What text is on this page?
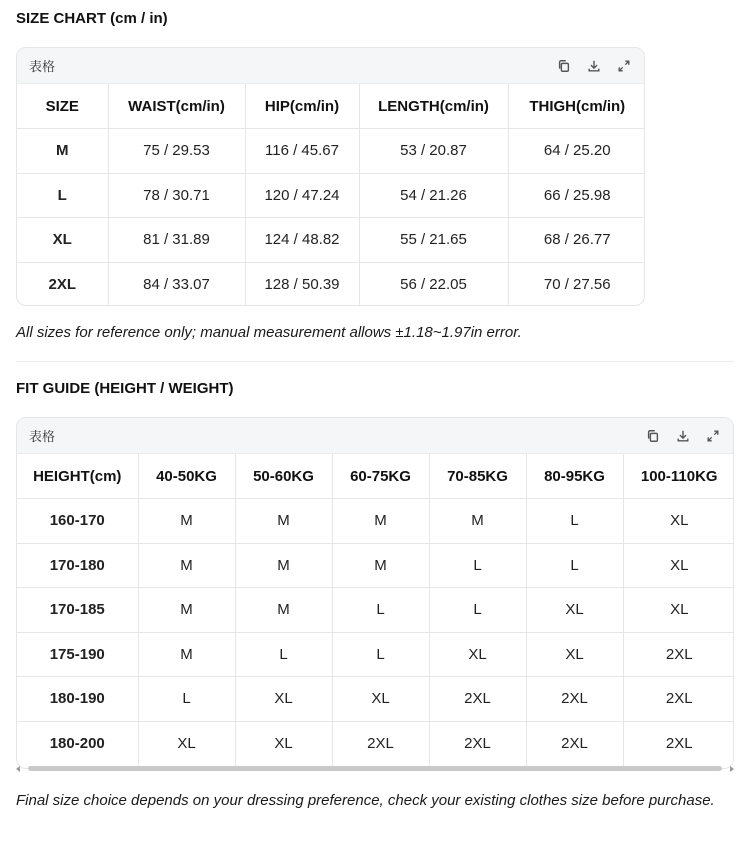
SIZE CHART (cm / in)
表格
SIZE	WAIST(cm/in)	HIP(cm/in)	LENGTH(cm/in)	THIGH(cm/in)
M	75 / 29.53	116 / 45.67	53 / 20.87	64 / 25.20
L	78 / 30.71	120 / 47.24	54 / 21.26	66 / 25.98
XL	81 / 31.89	124 / 48.82	55 / 21.65	68 / 26.77
2XL	84 / 33.07	128 / 50.39	56 / 22.05	70 / 27.56
All sizes for reference only; manual measurement allows ±1.18~1.97in error.
FIT GUIDE (HEIGHT / WEIGHT)
表格
HEIGHT(cm)	40-50KG	50-60KG	60-75KG	70-85KG	80-95KG	100-110KG
160-170	M	M	M	M	L	XL
170-180	M	M	M	L	L	XL
170-185	M	M	L	L	XL	XL
175-190	M	L	L	XL	XL	2XL
180-190	L	XL	XL	2XL	2XL	2XL
180-200	XL	XL	2XL	2XL	2XL	2XL
Final size choice depends on your dressing preference, check your existing clothes size before purchase.
